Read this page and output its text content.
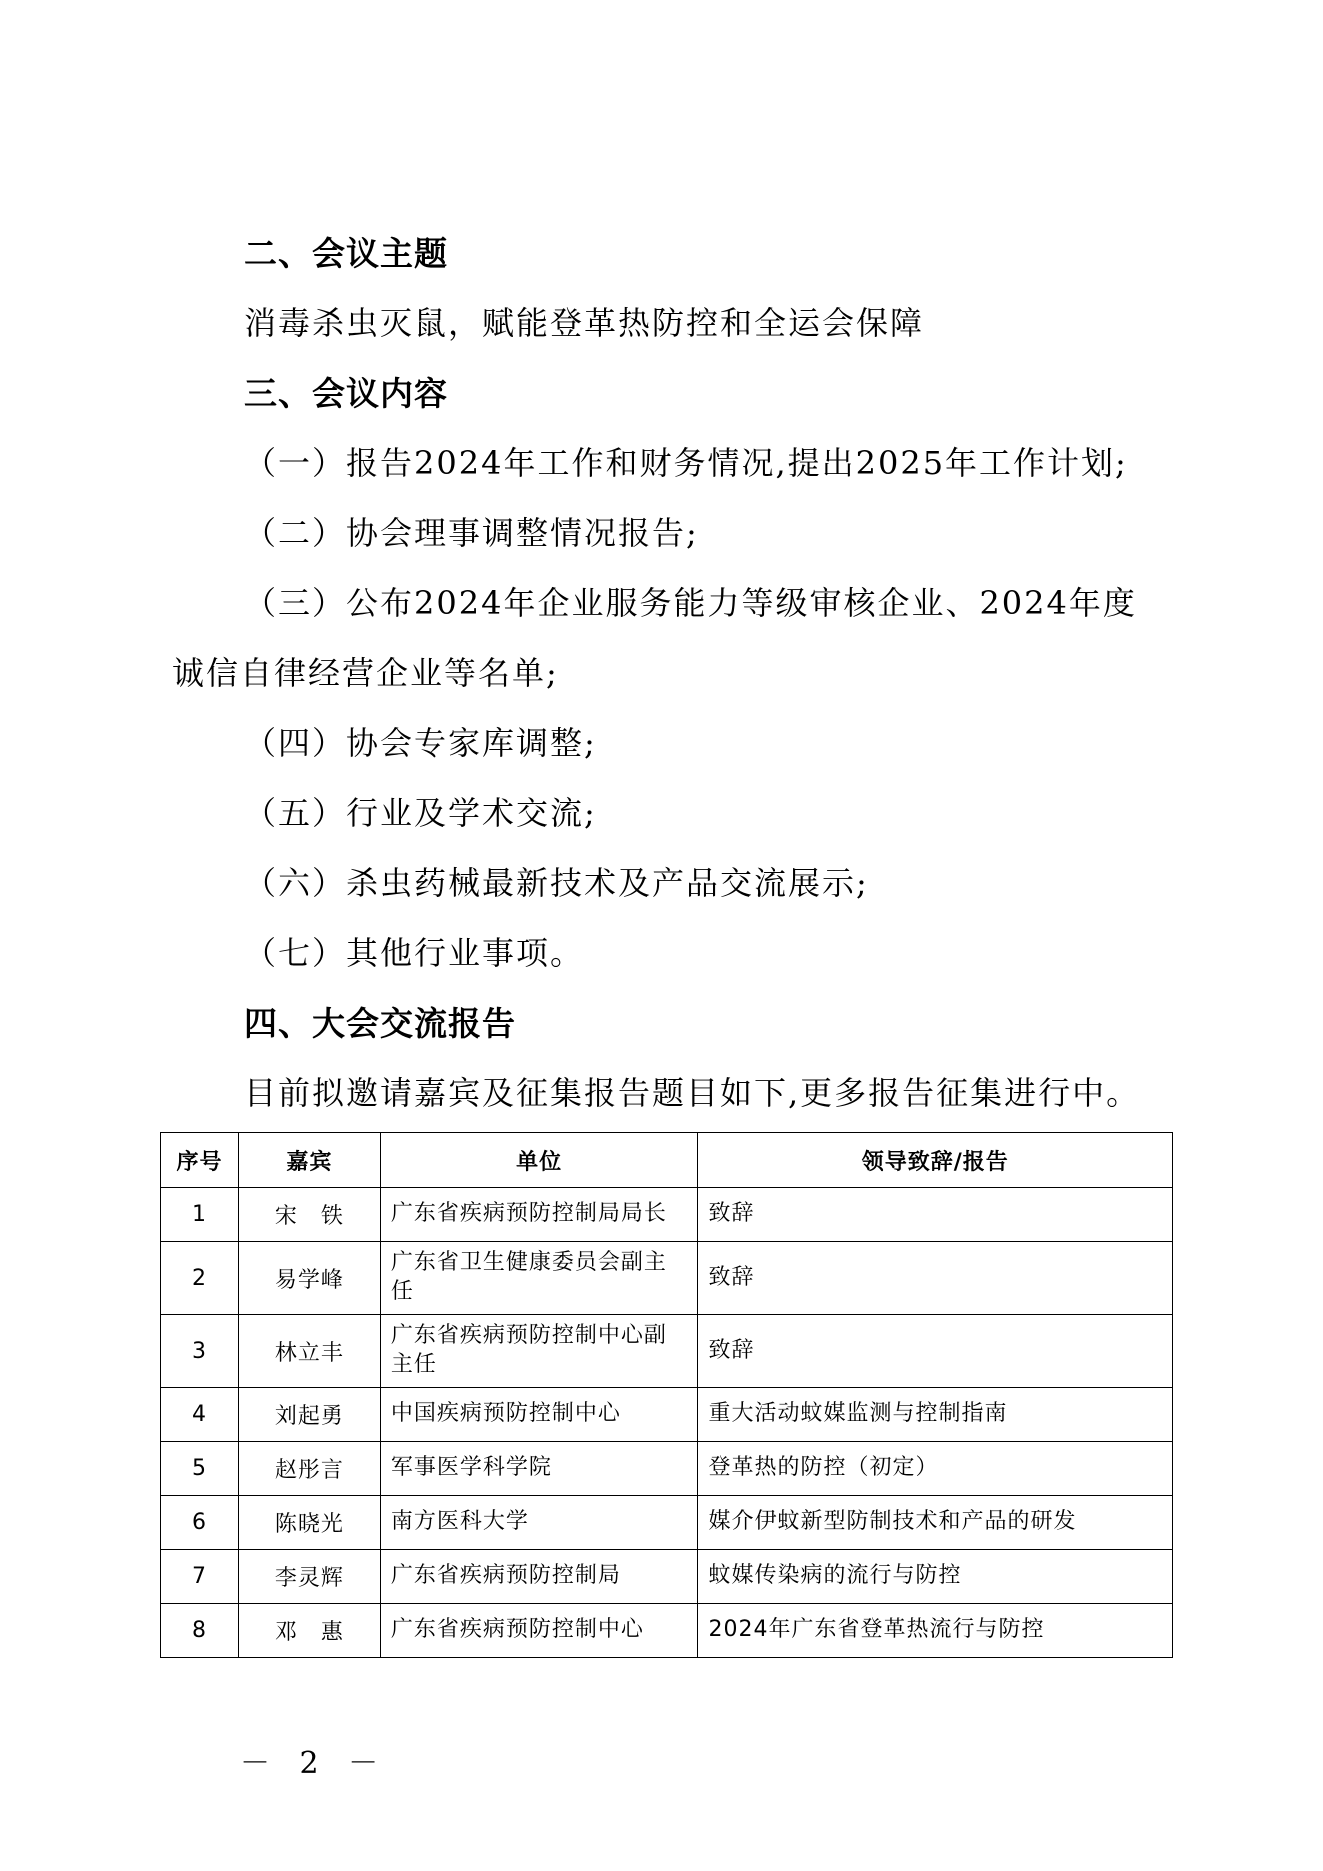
二、会议主题
消毒杀虫灭鼠，赋能登革热防控和全运会保障
三、会议内容
（一）报告2024年工作和财务情况,提出2025年工作计划;
（二）协会理事调整情况报告;
（三）公布2024年企业服务能力等级审核企业、2024年度
诚信自律经营企业等名单;
（四）协会专家库调整;
（五）行业及学术交流;
（六）杀虫药械最新技术及产品交流展示;
（七）其他行业事项。
四、大会交流报告
目前拟邀请嘉宾及征集报告题目如下,更多报告征集进行中。
序号	嘉宾	单位	领导致辞/报告
1	宋　铁	广东省疾病预防控制局局长	致辞
2	易学峰	广东省卫生健康委员会副主任	致辞
3	林立丰	广东省疾病预防控制中心副主任	致辞
4	刘起勇	中国疾病预防控制中心	重大活动蚊媒监测与控制指南
5	赵彤言	军事医学科学院	登革热的防控（初定）
6	陈晓光	南方医科大学	媒介伊蚊新型防制技术和产品的研发
7	李灵辉	广东省疾病预防控制局	蚊媒传染病的流行与防控
8	邓　惠	广东省疾病预防控制中心	2024年广东省登革热流行与防控
－ 2 －
